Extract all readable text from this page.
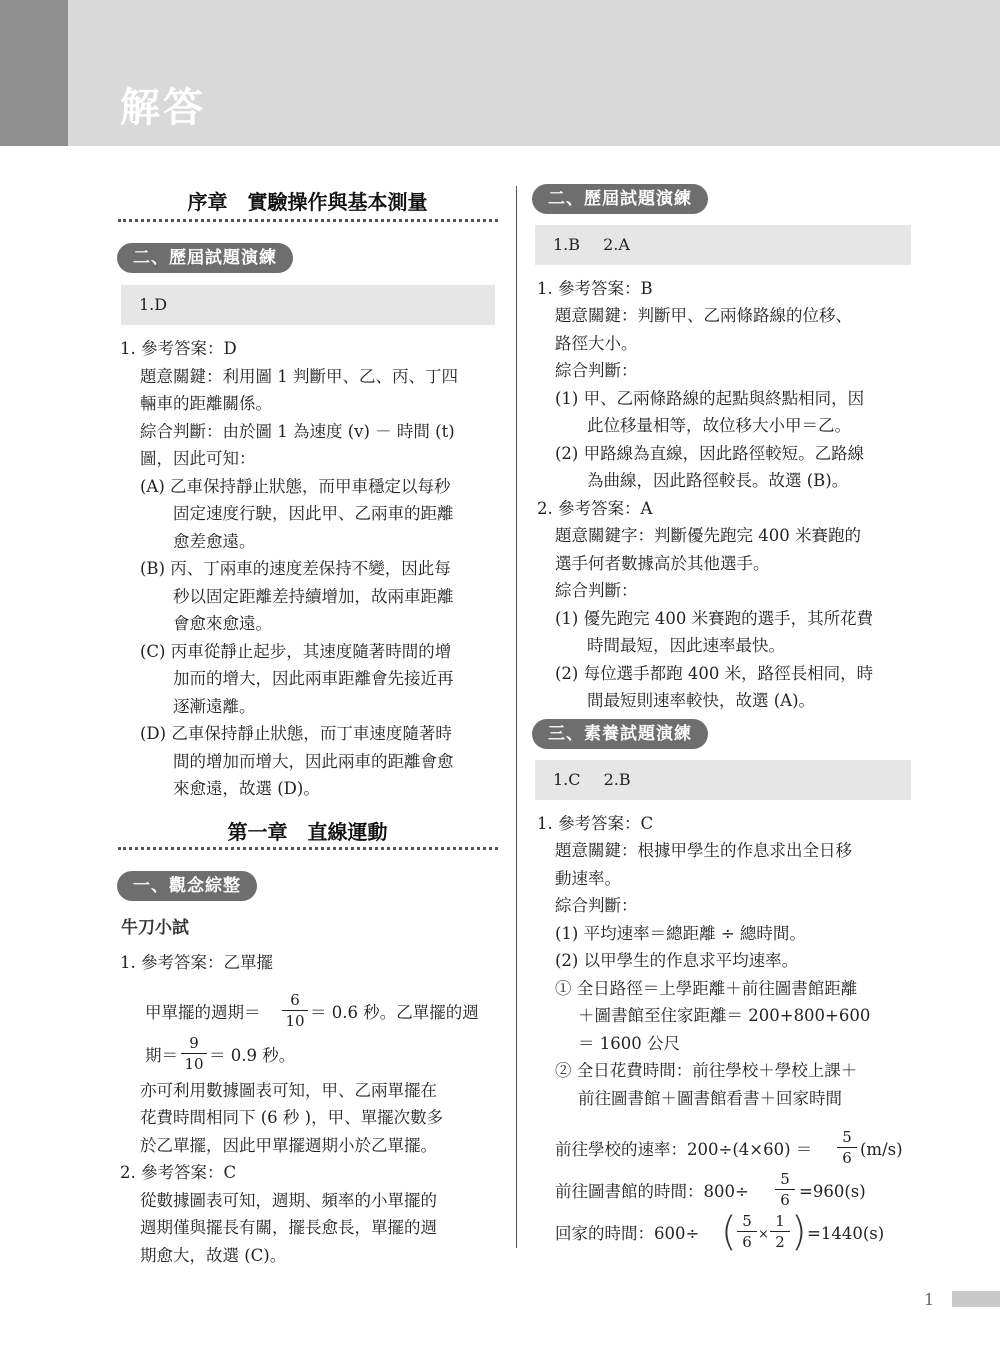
解答
序章　實驗操作與基本測量
二、歷屆試題演練
1.D
1. 參考答案：D
題意關鍵：利用圖 1 判斷甲、乙、丙、丁四
輛車的距離關係。
綜合判斷：由於圖 1 為速度 (v) － 時間 (t)
圖，因此可知：
(A) 乙車保持靜止狀態，而甲車穩定以每秒
固定速度行駛，因此甲、乙兩車的距離
愈差愈遠。
(B) 丙、丁兩車的速度差保持不變，因此每
秒以固定距離差持續增加，故兩車距離
會愈來愈遠。
(C) 丙車從靜止起步，其速度隨著時間的增
加而的增大，因此兩車距離會先接近再
逐漸遠離。
(D) 乙車保持靜止狀態，而丁車速度隨著時
間的增加而增大，因此兩車的距離會愈
來愈遠，故選 (D)。
第一章　直線運動
一、觀念綜整
牛刀小試
1. 參考答案：乙單擺
甲單擺的週期＝ $\frac{6}{10} = 0.6$ 秒。乙單擺的週
期＝ $\frac{9}{10} = 0.9$ 秒。
亦可利用數據圖表可知，甲、乙兩單擺在
花費時間相同下 (6 秒 )，甲、單擺次數多
於乙單擺，因此甲單擺週期小於乙單擺。
2. 參考答案：C
從數據圖表可知，週期、頻率的小單擺的
週期僅與擺長有關，擺長愈長，單擺的週
期愈大，故選 (C)。
二、歷屆試題演練
1.B 2.A
1. 參考答案：B
題意關鍵：判斷甲、乙兩條路線的位移、
路徑大小。
綜合判斷：
(1) 甲、乙兩條路線的起點與終點相同，因
此位移量相等，故位移大小甲＝乙。
(2) 甲路線為直線，因此路徑較短。乙路線
為曲線，因此路徑較長。故選 (B)。
2. 參考答案：A
題意關鍵字：判斷優先跑完 400 米賽跑的
選手何者數據高於其他選手。
綜合判斷：
(1) 優先跑完 400 米賽跑的選手，其所花費
時間最短，因此速率最快。
(2) 每位選手都跑 400 米，路徑長相同，時
間最短則速率較快，故選 (A)。
三、素養試題演練
1.C 2.B
1. 參考答案：C
題意關鍵：根據甲學生的作息求出全日移
動速率。
綜合判斷：
(1) 平均速率＝總距離 ÷ 總時間。
(2) 以甲學生的作息求平均速率。
① 全日路徑＝上學距離＋前往圖書館距離
＋圖書館至住家距離＝ 200+800+600
＝ 1600 公尺
② 全日花費時間：前往學校＋學校上課＋
前往圖書館＋圖書館看書＋回家時間
前往學校的速率：$200\div(4\times 60) = \frac{5}{6} (m/s)$
前往圖書館的時間：$800\div \frac{5}{6} =960(s)$
回家的時間：600÷ ( $\frac{5}{6} \times \frac{1}{2}$ ) =1440(s)
1
